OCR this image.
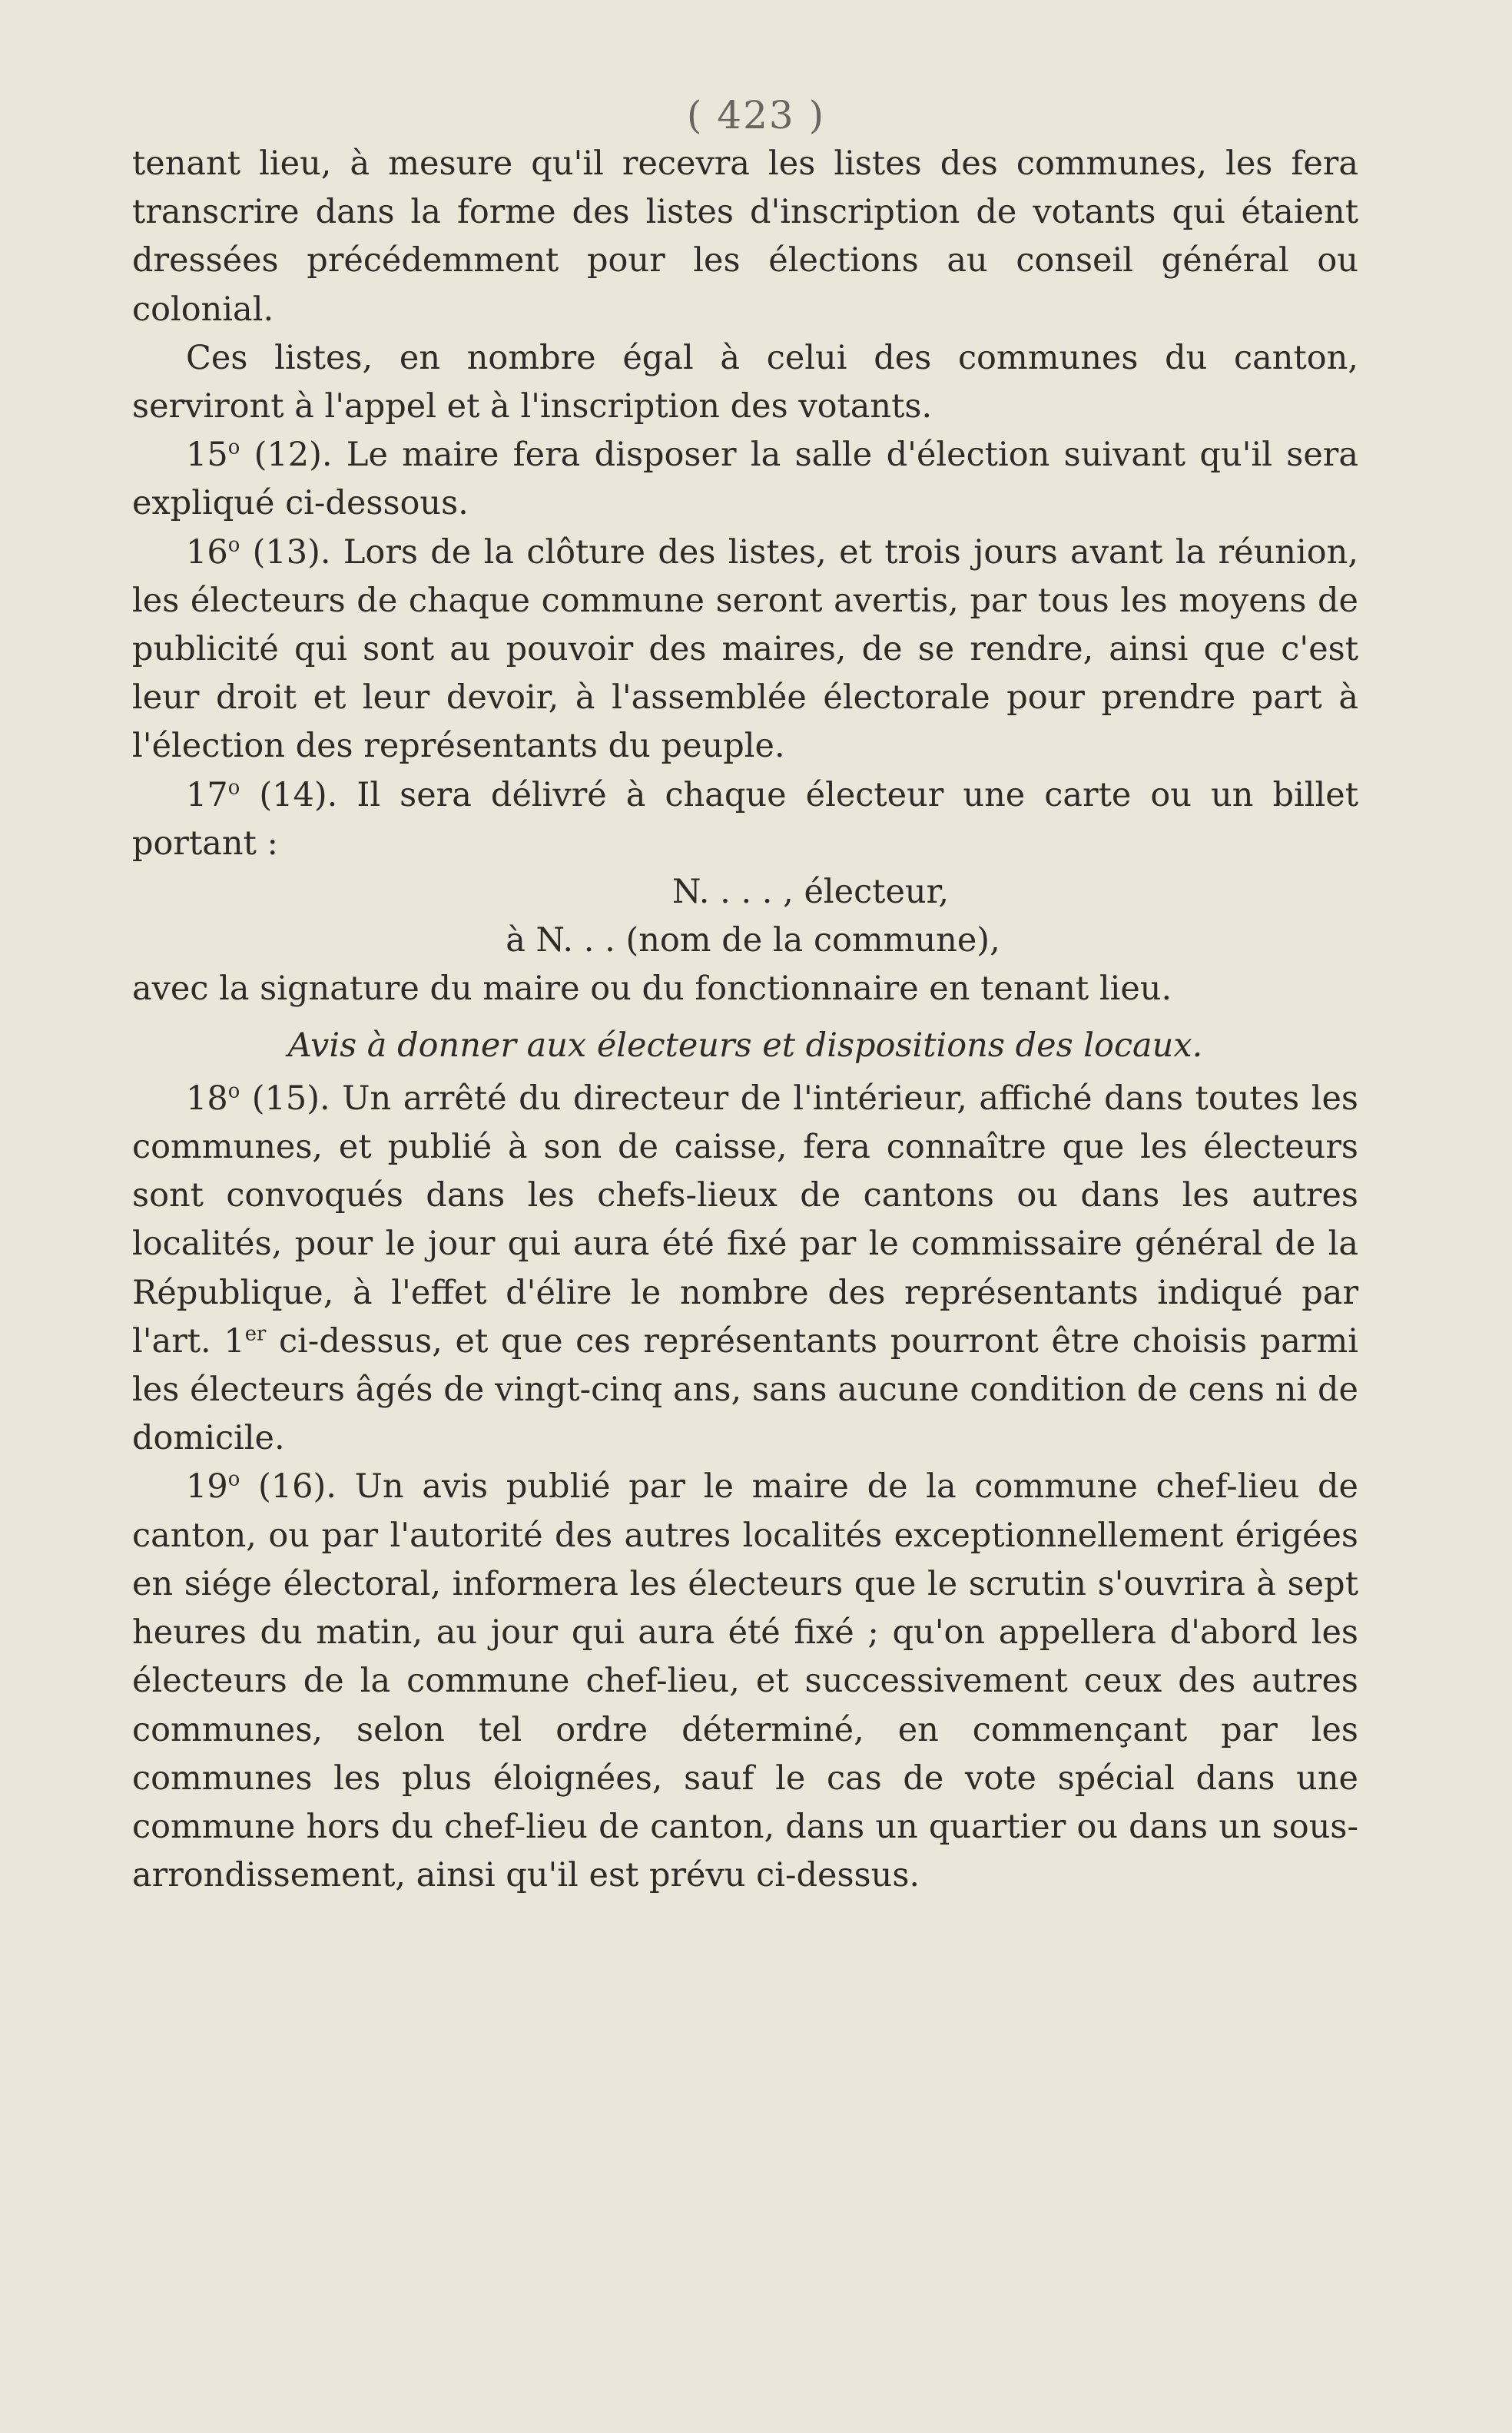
( 423 )

tenant lieu, à mesure qu'il recevra les listes des communes, les fera transcrire dans la forme des listes d'inscription de votants qui étaient dressées précédemment pour les élections au conseil général ou colonial.

Ces listes, en nombre égal à celui des communes du canton, serviront à l'appel et à l'inscription des votants.

15$^o$ (12). Le maire fera disposer la salle d'élection suivant qu'il sera expliqué ci-dessous.

16$^o$ (13). Lors de la clôture des listes, et trois jours avant la réunion, les électeurs de chaque commune seront avertis, par tous les moyens de publicité qui sont au pouvoir des maires, de se rendre, ainsi que c'est leur droit et leur devoir, à l'assemblée électorale pour prendre part à l'élection des représentants du peuple.

17$^o$ (14). Il sera délivré à chaque électeur une carte ou un billet portant :

N. . . . , électeur,

à N. . . (nom de la commune),

avec la signature du maire ou du fonctionnaire en tenant lieu.

Avis à donner aux électeurs et dispositions des locaux.

18$^o$ (15). Un arrêté du directeur de l'intérieur, affiché dans toutes les communes, et publié à son de caisse, fera connaître que les électeurs sont convoqués dans les chefs-lieux de cantons ou dans les autres localités, pour le jour qui aura été fixé par le commissaire général de la République, à l'effet d'élire le nombre des représentants indiqué par l'art. 1er ci-dessus, et que ces représentants pourront être choisis parmi les électeurs âgés de vingt-cinq ans, sans aucune condition de cens ni de domicile.

19$^o$ (16). Un avis publié par le maire de la commune chef-lieu de canton, ou par l'autorité des autres localités exceptionnellement érigées en siége électoral, informera les électeurs que le scrutin s'ouvrira à sept heures du matin, au jour qui aura été fixé ; qu'on appellera d'abord les électeurs de la commune chef-lieu, et successivement ceux des autres communes, selon tel ordre déterminé, en commençant par les communes les plus éloignées, sauf le cas de vote spécial dans une commune hors du chef-lieu de canton, dans un quartier ou dans un sous-arrondissement, ainsi qu'il est prévu ci-dessus.
